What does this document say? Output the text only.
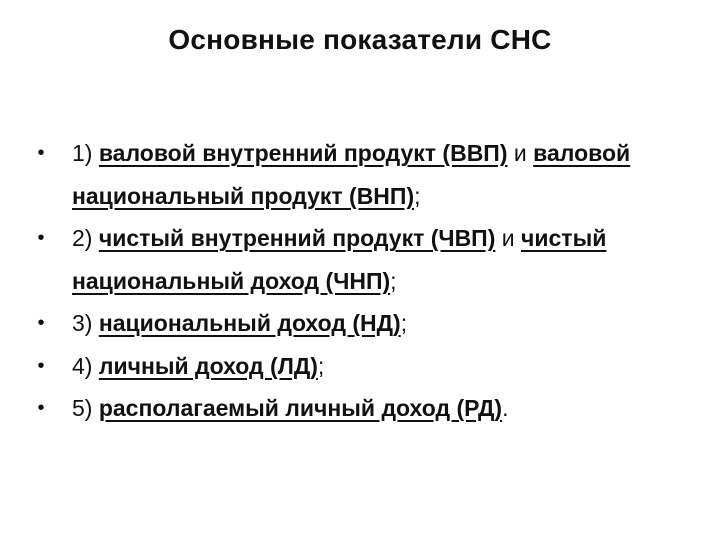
Основные показатели СНС
• 1) валовой внутренний продукт (ВВП) и валовой национальный продукт (ВНП);
• 2) чистый внутренний продукт (ЧВП) и чистый национальный доход (ЧНП);
• 3) национальный доход (НД);
• 4) личный доход (ЛД);
• 5) располагаемый личный доход (РД).
